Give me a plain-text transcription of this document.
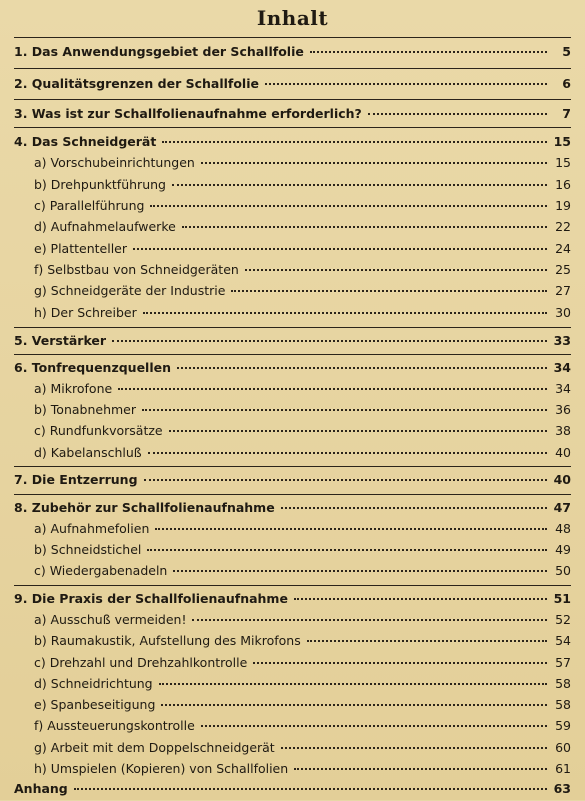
Inhalt
1. Das Anwendungsgebiet der Schallfolie	5
2. Qualitätsgrenzen der Schallfolie	6
3. Was ist zur Schallfolienaufnahme erforderlich?	7
4. Das Schneidgerät	15
a) Vorschubeinrichtungen	15
b) Drehpunktführung	16
c) Parallelführung	19
d) Aufnahmelaufwerke	22
e) Plattenteller	24
f) Selbstbau von Schneidgeräten	25
g) Schneidgeräte der Industrie	27
h) Der Schreiber	30
5. Verstärker	33
6. Tonfrequenzquellen	34
a) Mikrofone	34
b) Tonabnehmer	36
c) Rundfunkvorsätze	38
d) Kabelanschluß	40
7. Die Entzerrung	40
8. Zubehör zur Schallfolienaufnahme	47
a) Aufnahmefolien	48
b) Schneidstichel	49
c) Wiedergabenadeln	50
9. Die Praxis der Schallfolienaufnahme	51
a) Ausschuß vermeiden!	52
b) Raumakustik, Aufstellung des Mikrofons	54
c) Drehzahl und Drehzahlkontrolle	57
d) Schneidrichtung	58
e) Spanbeseitigung	58
f) Aussteuerungskontrolle	59
g) Arbeit mit dem Doppelschneidgerät	60
h) Umspielen (Kopieren) von Schallfolien	61
Anhang	63
